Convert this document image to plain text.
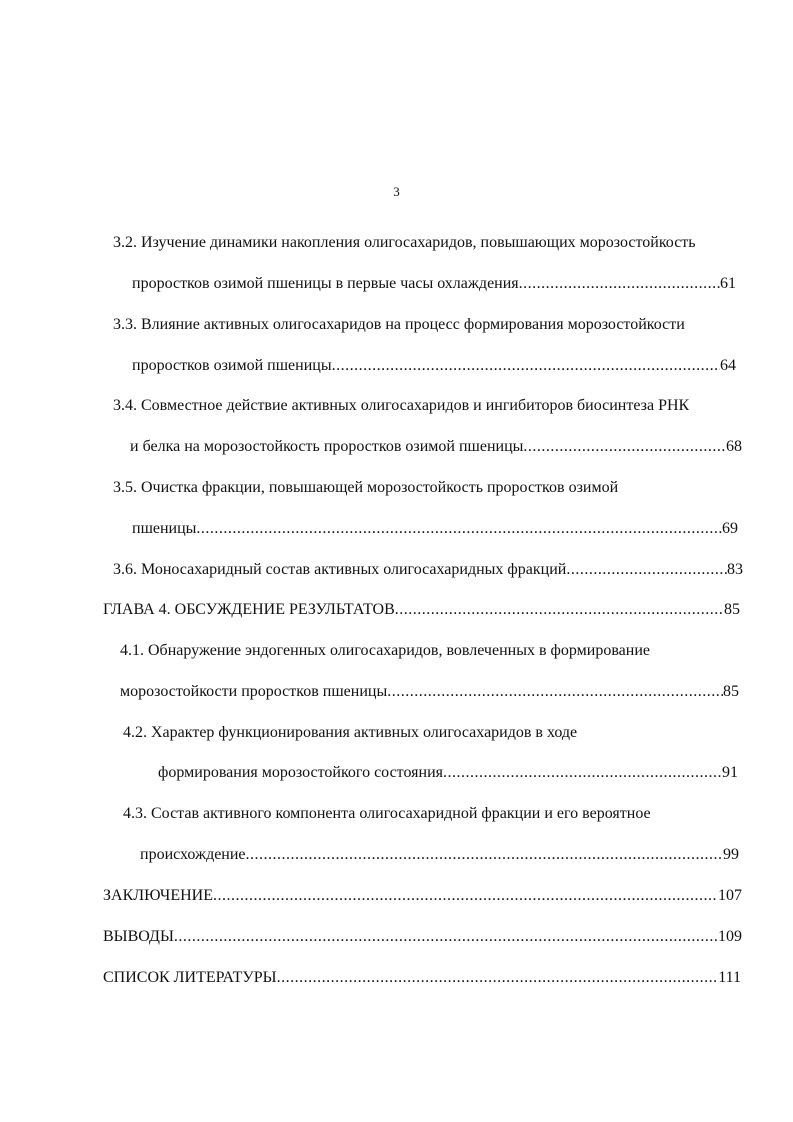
3
3.2. Изучение динамики накопления олигосахаридов, повышающих морозостойкость
проростков озимой пшеницы в первые часы охлаждения .....	61
3.3. Влияние активных олигосахаридов на процесс формирования морозостойкости
проростков озимой пшеницы .....	64
3.4. Совместное действие активных олигосахаридов и ингибиторов биосинтеза РНК
и белка на морозостойкость проростков озимой пшеницы .....	68
3.5. Очистка фракции, повышающей морозостойкость проростков озимой
пшеницы .....	69
3.6. Моносахаридный состав активных олигосахаридных фракций .....	83
ГЛАВА 4. ОБСУЖДЕНИЕ РЕЗУЛЬТАТОВ .....	85
4.1. Обнаружение эндогенных олигосахаридов, вовлеченных в формирование
морозостойкости проростков пшеницы .....	85
4.2. Характер функционирования активных олигосахаридов в ходе
формирования морозостойкого состояния .....	91
4.3. Состав активного компонента олигосахаридной фракции и его вероятное
происхождение .....	99
ЗАКЛЮЧЕНИЕ .....	107
ВЫВОДЫ .....	109
СПИСОК ЛИТЕРАТУРЫ .....	111
